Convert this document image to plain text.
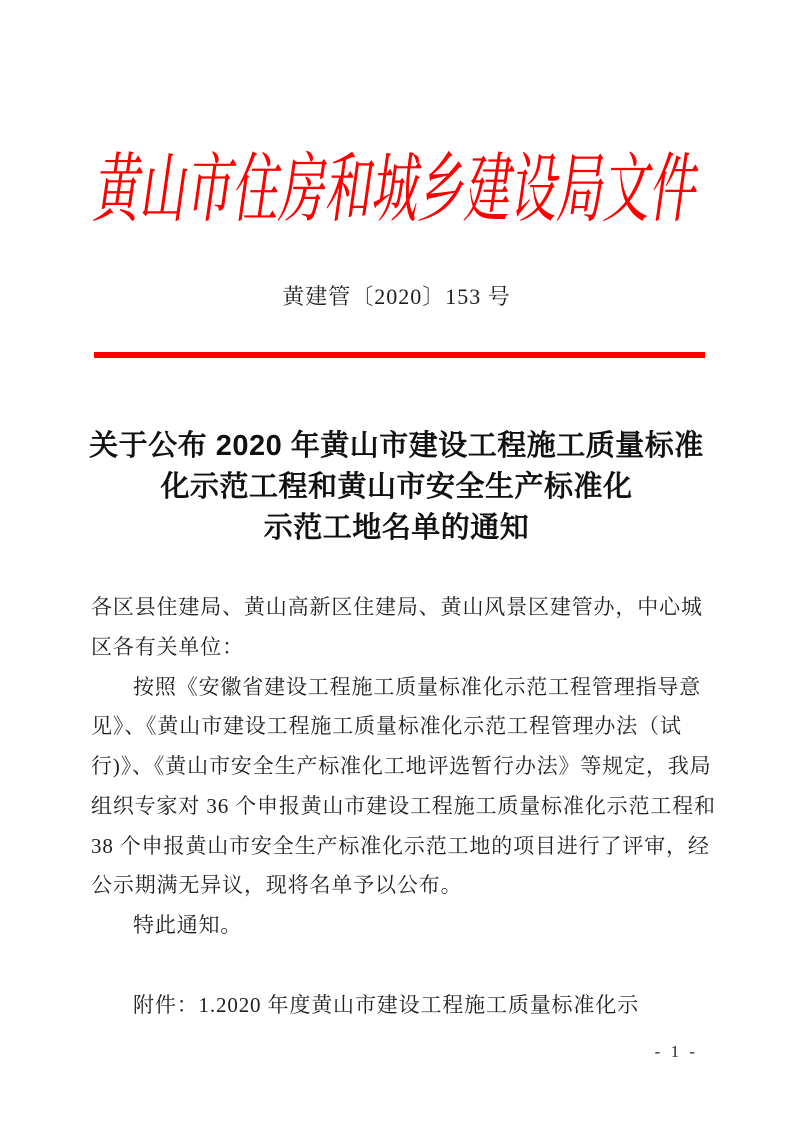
黄山市住房和城乡建设局文件
黄建管〔2020〕153 号
关于公布 2020 年黄山市建设工程施工质量标准
化示范工程和黄山市安全生产标准化
示范工地名单的通知

各区县住建局、黄山高新区住建局、黄山风景区建管办，中心城

区各有关单位：

按照《安徽省建设工程施工质量标准化示范工程管理指导意

见》、《黄山市建设工程施工质量标准化示范工程管理办法（试

行)》、《黄山市安全生产标准化工地评选暂行办法》等规定，我局

组织专家对 36 个申报黄山市建设工程施工质量标准化示范工程和

38 个申报黄山市安全生产标准化示范工地的项目进行了评审，经

公示期满无异议，现将名单予以公布。

特此通知。

附件：1.2020 年度黄山市建设工程施工质量标准化示

- 1 -
